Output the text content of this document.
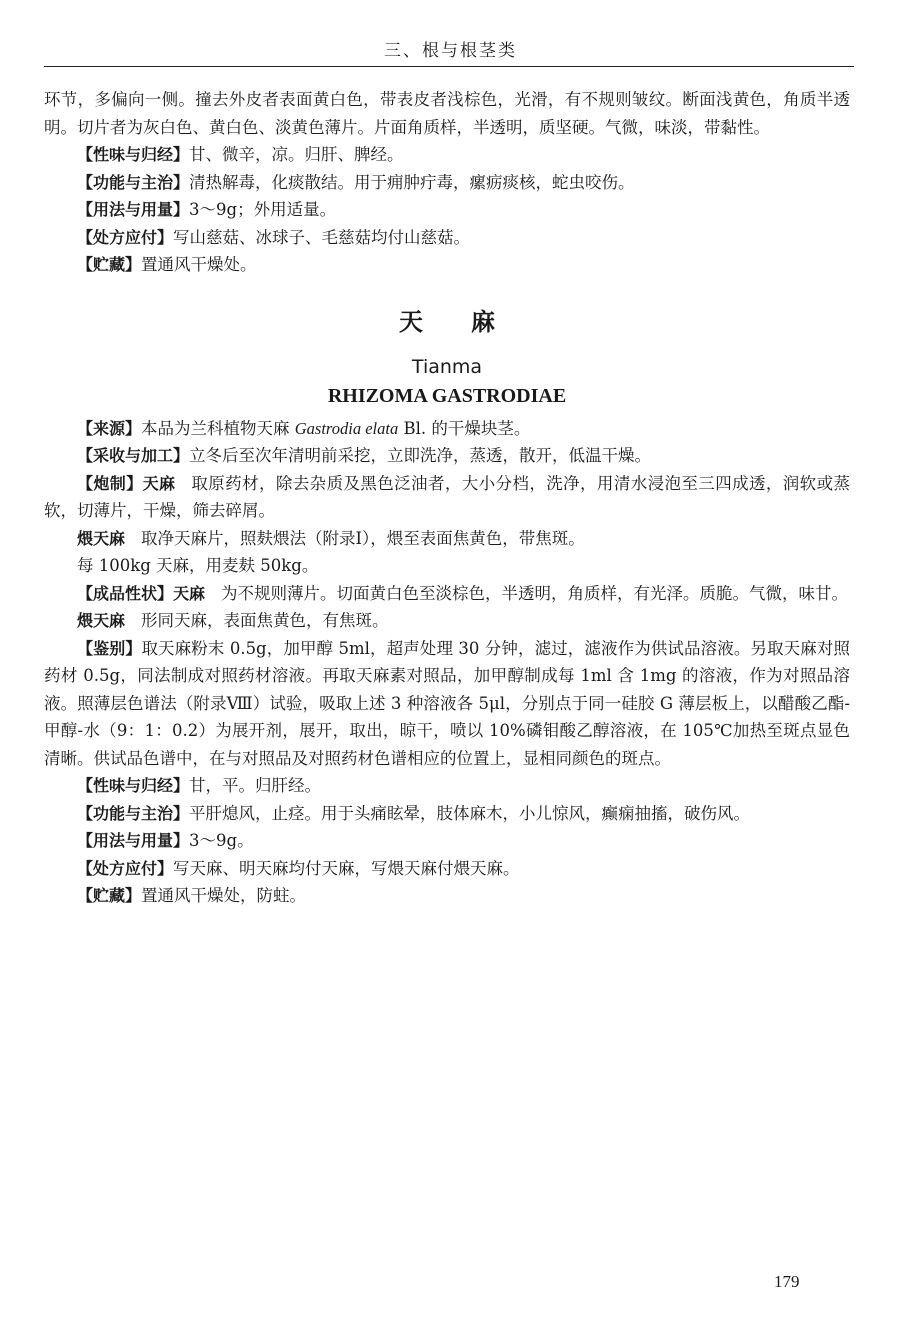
三、根与根茎类

环节，多偏向一侧。撞去外皮者表面黄白色，带表皮者浅棕色，光滑，有不规则皱纹。断面浅黄色，角质半透明。切片者为灰白色、黄白色、淡黄色薄片。片面角质样，半透明，质坚硬。气微，味淡，带黏性。

【性味与归经】甘、微辛，凉。归肝、脾经。

【功能与主治】清热解毒，化痰散结。用于痈肿疔毒，瘰疬痰核，蛇虫咬伤。

【用法与用量】3～9g；外用适量。

【处方应付】写山慈菇、冰球子、毛慈菇均付山慈菇。

【贮藏】置通风干燥处。

天麻
Tianma
RHIZOMA GASTRODIAE

【来源】本品为兰科植物天麻 Gastrodia elata Bl. 的干燥块茎。

【采收与加工】立冬后至次年清明前采挖，立即洗净，蒸透，散开，低温干燥。

【炮制】天麻 取原药材，除去杂质及黑色泛油者，大小分档，洗净，用清水浸泡至三四成透，润软或蒸软，切薄片，干燥，筛去碎屑。

煨天麻 取净天麻片，照麸煨法（附录Ⅰ），煨至表面焦黄色，带焦斑。

每 100kg 天麻，用麦麸 50kg。

【成品性状】天麻 为不规则薄片。切面黄白色至淡棕色，半透明，角质样，有光泽。质脆。气微，味甘。

煨天麻 形同天麻，表面焦黄色，有焦斑。

【鉴别】取天麻粉末 0.5g，加甲醇 5ml，超声处理 30 分钟，滤过，滤液作为供试品溶液。另取天麻对照药材 0.5g，同法制成对照药材溶液。再取天麻素对照品，加甲醇制成每 1ml 含 1mg 的溶液，作为对照品溶液。照薄层色谱法（附录Ⅷ）试验，吸取上述 3 种溶液各 5μl，分别点于同一硅胶 G 薄层板上，以醋酸乙酯-甲醇-水（9：1：0.2）为展开剂，展开，取出，晾干，喷以 10%磷钼酸乙醇溶液，在 105℃加热至斑点显色清晰。供试品色谱中，在与对照品及对照药材色谱相应的位置上，显相同颜色的斑点。

【性味与归经】甘，平。归肝经。

【功能与主治】平肝熄风，止痉。用于头痛眩晕，肢体麻木，小儿惊风，癫痫抽搐，破伤风。

【用法与用量】3～9g。

【处方应付】写天麻、明天麻均付天麻，写煨天麻付煨天麻。

【贮藏】置通风干燥处，防蛀。

179
